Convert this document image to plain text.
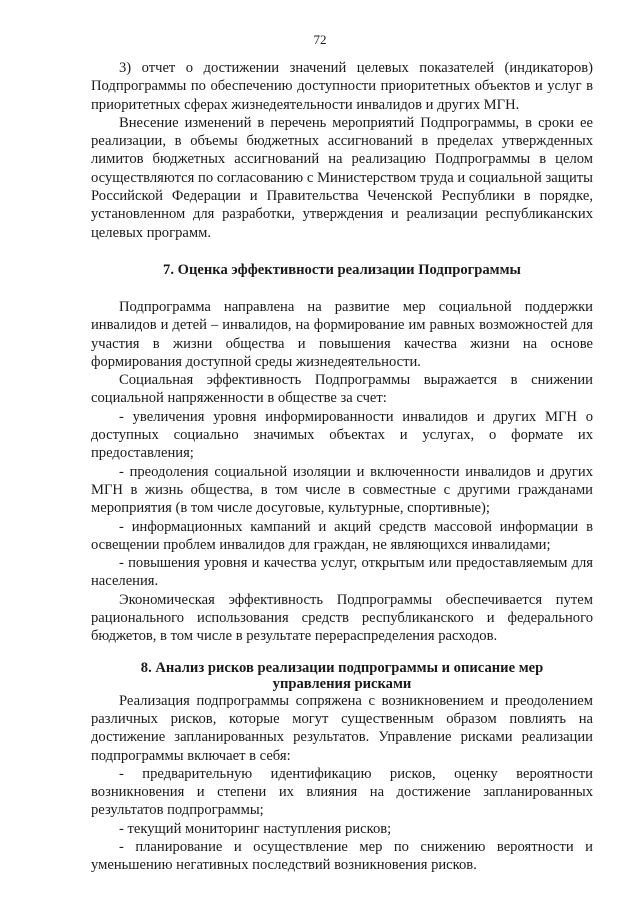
72

3) отчет о достижении значений целевых показателей (индикаторов) Подпрограммы по обеспечению доступности приоритетных объектов и услуг в приоритетных сферах жизнедеятельности инвалидов и других МГН.

Внесение изменений в перечень мероприятий Подпрограммы, в сроки ее реализации, в объемы бюджетных ассигнований в пределах утвержденных лимитов бюджетных ассигнований на реализацию Подпрограммы в целом осуществляются по согласованию с Министерством труда и социальной защиты Российской Федерации и Правительства Чеченской Республики в порядке, установленном для разработки, утверждения и реализации республиканских целевых программ.

7. Оценка эффективности реализации Подпрограммы

Подпрограмма направлена на развитие мер социальной поддержки инвалидов и детей – инвалидов, на формирование им равных возможностей для участия в жизни общества и повышения качества жизни на основе формирования доступной среды жизнедеятельности.

Социальная эффективность Подпрограммы выражается в снижении социальной напряженности в обществе за счет:

- увеличения уровня информированности инвалидов и других МГН о доступных социально значимых объектах и услугах, о формате их предоставления;

- преодоления социальной изоляции и включенности инвалидов и других МГН в жизнь общества, в том числе в совместные с другими гражданами мероприятия (в том числе досуговые, культурные, спортивные);

- информационных кампаний и акций средств массовой информации в освещении проблем инвалидов для граждан, не являющихся инвалидами;

- повышения уровня и качества услуг, открытым или предоставляемым для населения.

Экономическая эффективность Подпрограммы обеспечивается путем рационального использования средств республиканского и федерального бюджетов, в том числе в результате перераспределения расходов.

8. Анализ рисков реализации подпрограммы и описание мер
управления рисками

Реализация подпрограммы сопряжена с возникновением и преодолением различных рисков, которые могут существенным образом повлиять на достижение запланированных результатов. Управление рисками реализации подпрограммы включает в себя:

- предварительную идентификацию рисков, оценку вероятности возникновения и степени их влияния на достижение запланированных результатов подпрограммы;

- текущий мониторинг наступления рисков;

- планирование и осуществление мер по снижению вероятности и уменьшению негативных последствий возникновения рисков.
